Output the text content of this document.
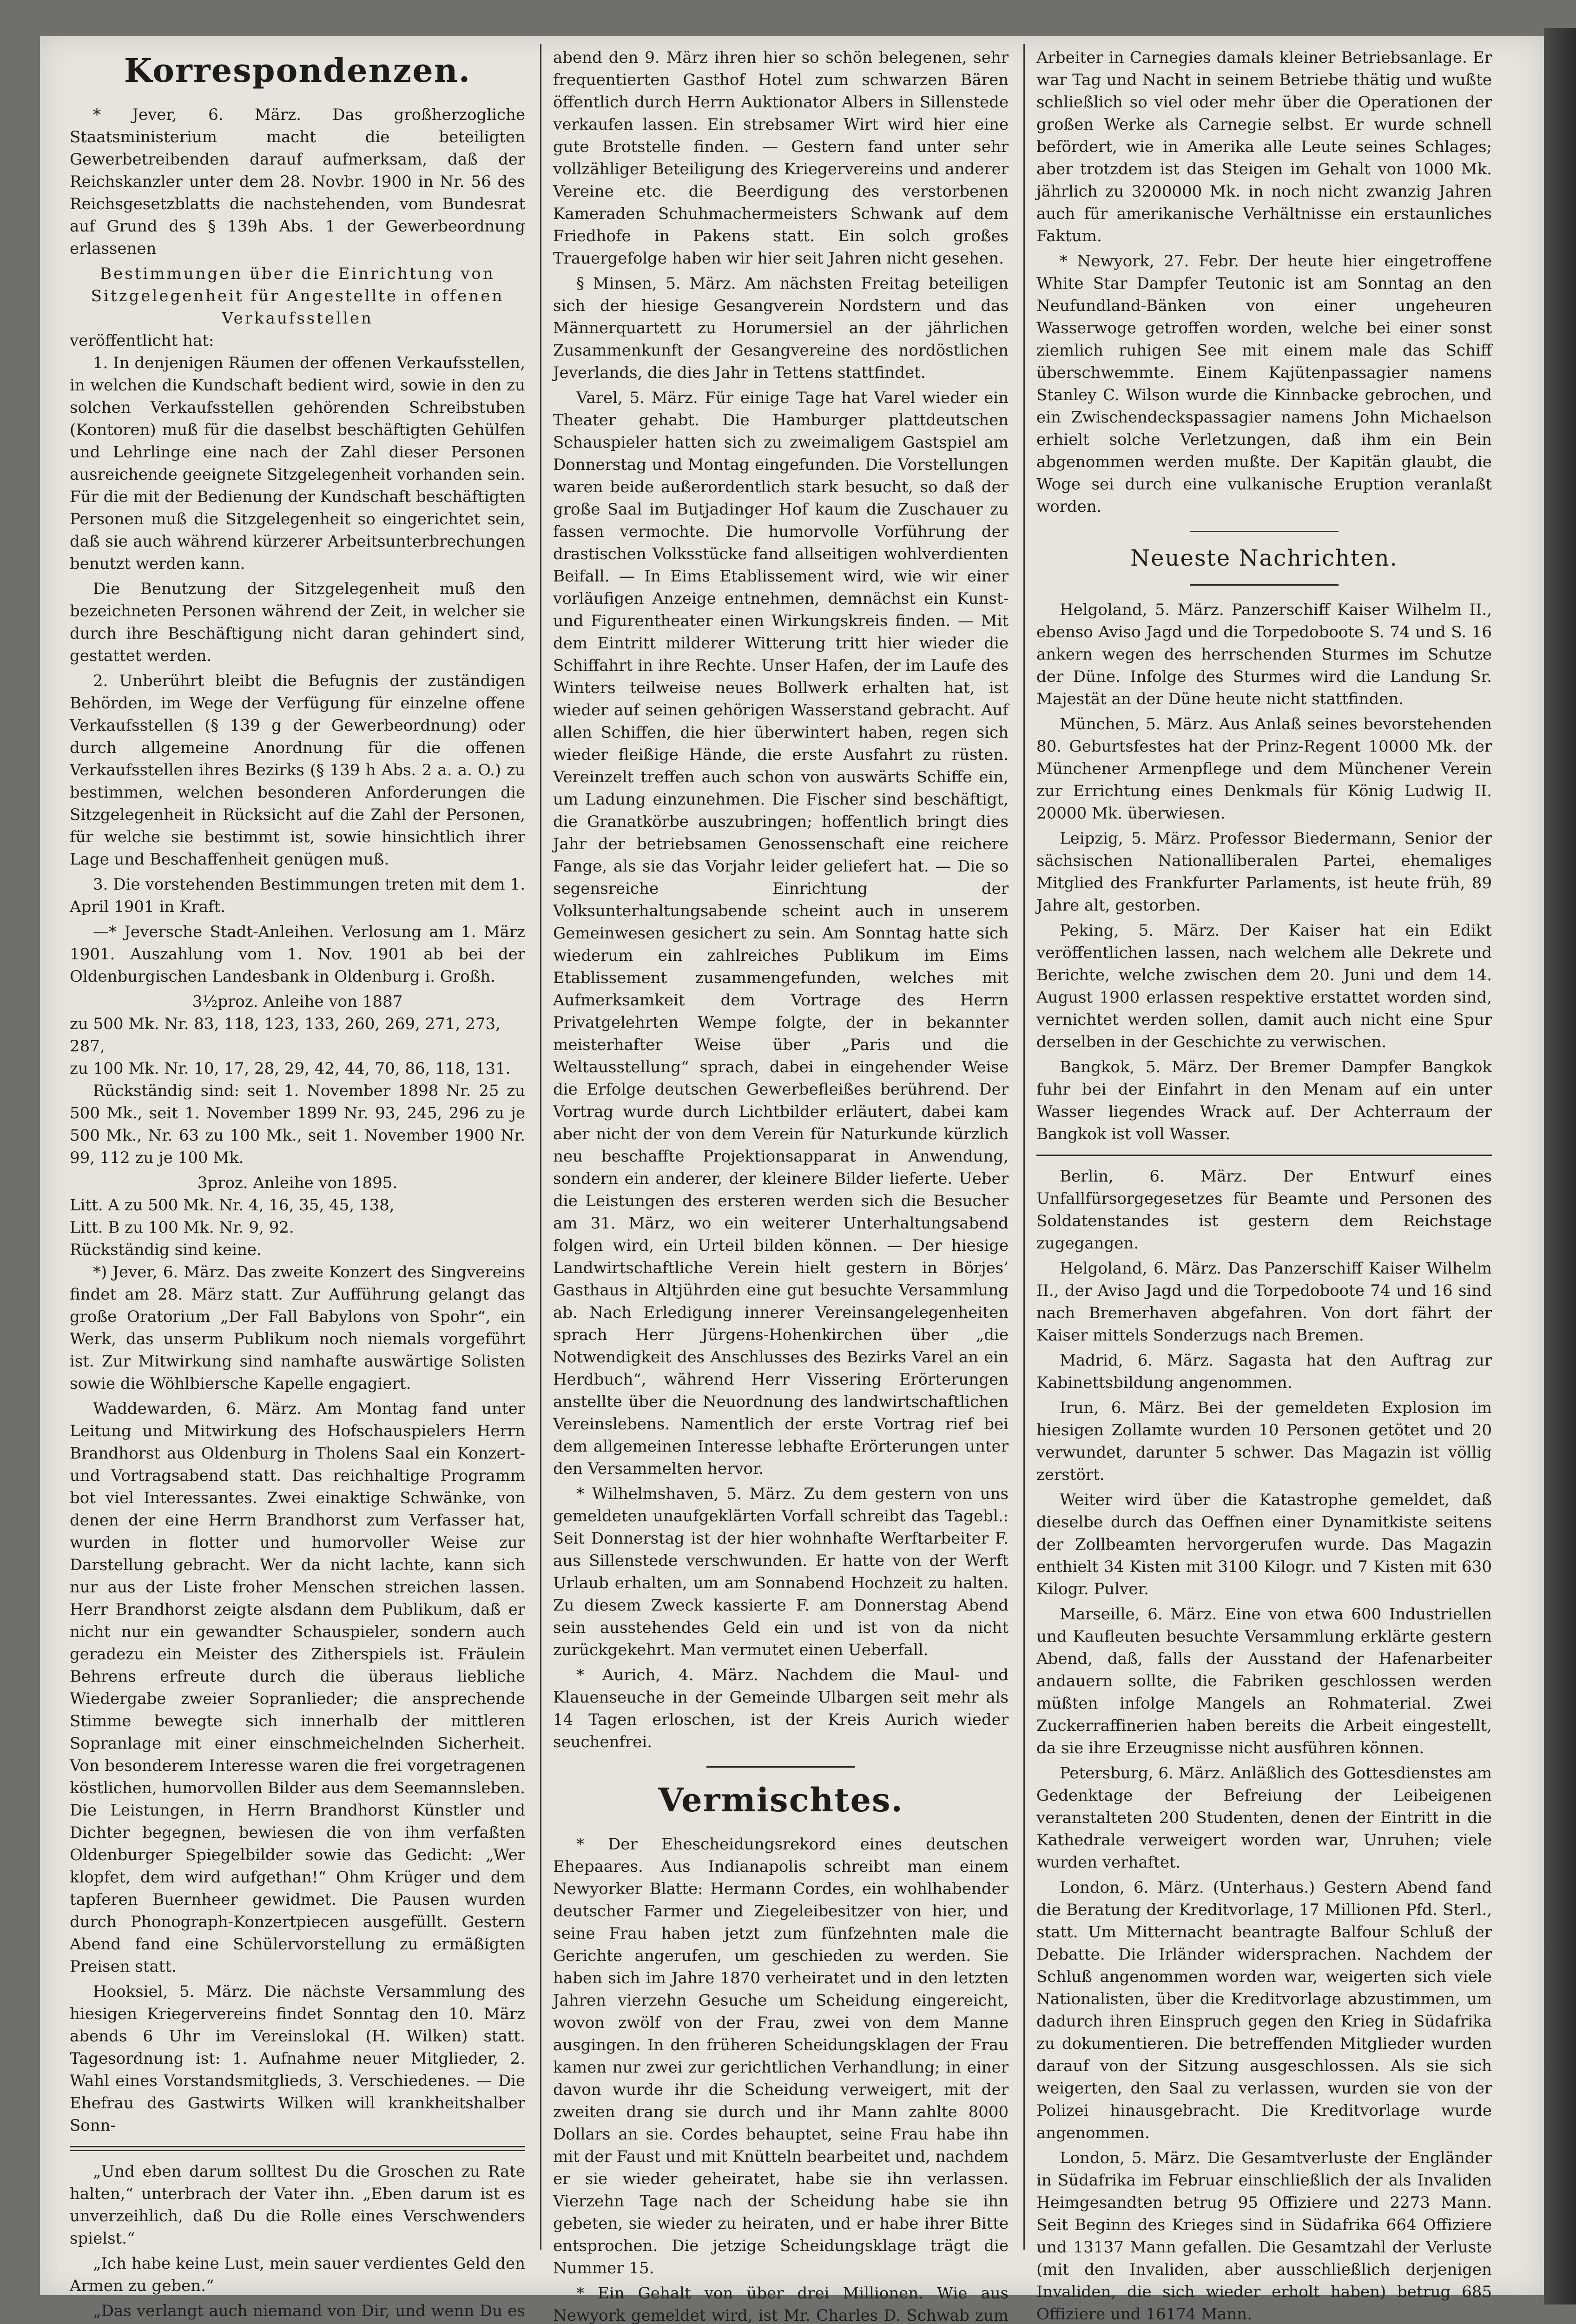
Korrespondenzen.

* Jever, 6. März. Das großherzogliche Staatsministerium macht die beteiligten Gewerbetreibenden darauf aufmerksam, daß der Reichskanzler unter dem 28. Novbr. 1900 in Nr. 56 des Reichsgesetzblatts die nachstehenden, vom Bundesrat auf Grund des § 139h Abs. 1 der Gewerbeordnung erlassenen

Bestimmungen über die Einrichtung von Sitzgelegenheit für Angestellte in offenen Verkaufsstellen

veröffentlicht hat:

1. In denjenigen Räumen der offenen Verkaufsstellen, in welchen die Kundschaft bedient wird, sowie in den zu solchen Verkaufsstellen gehörenden Schreibstuben (Kontoren) muß für die daselbst beschäftigten Gehülfen und Lehrlinge eine nach der Zahl dieser Personen ausreichende geeignete Sitzgelegenheit vorhanden sein. Für die mit der Bedienung der Kundschaft beschäftigten Personen muß die Sitzgelegenheit so eingerichtet sein, daß sie auch während kürzerer Arbeitsunterbrechungen benutzt werden kann.

Die Benutzung der Sitzgelegenheit muß den bezeichneten Personen während der Zeit, in welcher sie durch ihre Beschäftigung nicht daran gehindert sind, gestattet werden.

2. Unberührt bleibt die Befugnis der zuständigen Behörden, im Wege der Verfügung für einzelne offene Verkaufsstellen (§ 139 g der Gewerbeordnung) oder durch allgemeine Anordnung für die offenen Verkaufsstellen ihres Bezirks (§ 139 h Abs. 2 a. a. O.) zu bestimmen, welchen besonderen Anforderungen die Sitzgelegenheit in Rücksicht auf die Zahl der Personen, für welche sie bestimmt ist, sowie hinsichtlich ihrer Lage und Beschaffenheit genügen muß.

3. Die vorstehenden Bestimmungen treten mit dem 1. April 1901 in Kraft.

—* Jeversche Stadt-Anleihen. Verlosung am 1. März 1901. Auszahlung vom 1. Nov. 1901 ab bei der Oldenburgischen Landesbank in Oldenburg i. Großh.

3½proz. Anleihe von 1887

zu 500 Mk. Nr. 83, 118, 123, 133, 260, 269, 271, 273, 287,

zu 100 Mk. Nr. 10, 17, 28, 29, 42, 44, 70, 86, 118, 131.

Rückständig sind: seit 1. November 1898 Nr. 25 zu 500 Mk., seit 1. November 1899 Nr. 93, 245, 296 zu je 500 Mk., Nr. 63 zu 100 Mk., seit 1. November 1900 Nr. 99, 112 zu je 100 Mk.

3proz. Anleihe von 1895.

Litt. A zu 500 Mk. Nr. 4, 16, 35, 45, 138,

Litt. B zu 100 Mk. Nr. 9, 92.

Rückständig sind keine.

*) Jever, 6. März. Das zweite Konzert des Singvereins findet am 28. März statt. Zur Aufführung gelangt das große Oratorium „Der Fall Babylons von Spohr“, ein Werk, das unserm Publikum noch niemals vorgeführt ist. Zur Mitwirkung sind namhafte auswärtige Solisten sowie die Wöhlbiersche Kapelle engagiert.

Waddewarden, 6. März. Am Montag fand unter Leitung und Mitwirkung des Hofschauspielers Herrn Brandhorst aus Oldenburg in Tholens Saal ein Konzert- und Vortragsabend statt. Das reichhaltige Programm bot viel Interessantes. Zwei einaktige Schwänke, von denen der eine Herrn Brandhorst zum Verfasser hat, wurden in flotter und humorvoller Weise zur Darstellung gebracht. Wer da nicht lachte, kann sich nur aus der Liste froher Menschen streichen lassen. Herr Brandhorst zeigte alsdann dem Publikum, daß er nicht nur ein gewandter Schauspieler, sondern auch geradezu ein Meister des Zitherspiels ist. Fräulein Behrens erfreute durch die überaus liebliche Wiedergabe zweier Sopranlieder; die ansprechende Stimme bewegte sich innerhalb der mittleren Sopranlage mit einer einschmeichelnden Sicherheit. Von besonderem Interesse waren die frei vorgetragenen köstlichen, humorvollen Bilder aus dem Seemannsleben. Die Leistungen, in Herrn Brandhorst Künstler und Dichter begegnen, bewiesen die von ihm verfaßten Oldenburger Spiegelbilder sowie das Gedicht: „Wer klopfet, dem wird aufgethan!“ Ohm Krüger und dem tapferen Buernheer gewidmet. Die Pausen wurden durch Phonograph-Konzertpiecen ausgefüllt. Gestern Abend fand eine Schülervorstellung zu ermäßigten Preisen statt.

Hooksiel, 5. März. Die nächste Versammlung des hiesigen Kriegervereins findet Sonntag den 10. März abends 6 Uhr im Vereinslokal (H. Wilken) statt. Tagesordnung ist: 1. Aufnahme neuer Mitglieder, 2. Wahl eines Vorstandsmitglieds, 3. Verschiedenes. — Die Ehefrau des Gastwirts Wilken will krankheitshalber Sonn-

„Und eben darum solltest Du die Groschen zu Rate halten,“ unterbrach der Vater ihn. „Eben darum ist es unverzeihlich, daß Du die Rolle eines Verschwenders spielst.“

„Ich habe keine Lust, mein sauer verdientes Geld den Armen zu geben.“

„Das verlangt auch niemand von Dir, und wenn Du es

abend den 9. März ihren hier so schön belegenen, sehr frequentierten Gasthof Hotel zum schwarzen Bären öffentlich durch Herrn Auktionator Albers in Sillenstede verkaufen lassen. Ein strebsamer Wirt wird hier eine gute Brotstelle finden. — Gestern fand unter sehr vollzähliger Beteiligung des Kriegervereins und anderer Vereine etc. die Beerdigung des verstorbenen Kameraden Schuhmachermeisters Schwank auf dem Friedhofe in Pakens statt. Ein solch großes Trauergefolge haben wir hier seit Jahren nicht gesehen.

§ Minsen, 5. März. Am nächsten Freitag beteiligen sich der hiesige Gesangverein Nordstern und das Männerquartett zu Horumersiel an der jährlichen Zusammenkunft der Gesangvereine des nordöstlichen Jeverlands, die dies Jahr in Tettens stattfindet.

Varel, 5. März. Für einige Tage hat Varel wieder ein Theater gehabt. Die Hamburger plattdeutschen Schauspieler hatten sich zu zweimaligem Gastspiel am Donnerstag und Montag eingefunden. Die Vorstellungen waren beide außerordentlich stark besucht, so daß der große Saal im Butjadinger Hof kaum die Zuschauer zu fassen vermochte. Die humorvolle Vorführung der drastischen Volksstücke fand allseitigen wohlverdienten Beifall. — In Eims Etablissement wird, wie wir einer vorläufigen Anzeige entnehmen, demnächst ein Kunst- und Figurentheater einen Wirkungskreis finden. — Mit dem Eintritt milderer Witterung tritt hier wieder die Schiffahrt in ihre Rechte. Unser Hafen, der im Laufe des Winters teilweise neues Bollwerk erhalten hat, ist wieder auf seinen gehörigen Wasserstand gebracht. Auf allen Schiffen, die hier überwintert haben, regen sich wieder fleißige Hände, die erste Ausfahrt zu rüsten. Vereinzelt treffen auch schon von auswärts Schiffe ein, um Ladung einzunehmen. Die Fischer sind beschäftigt, die Granatkörbe auszubringen; hoffentlich bringt dies Jahr der betriebsamen Genossenschaft eine reichere Fange, als sie das Vorjahr leider geliefert hat. — Die so segensreiche Einrichtung der Volksunterhaltungsabende scheint auch in unserem Gemeinwesen gesichert zu sein. Am Sonntag hatte sich wiederum ein zahlreiches Publikum im Eims Etablissement zusammengefunden, welches mit Aufmerksamkeit dem Vortrage des Herrn Privatgelehrten Wempe folgte, der in bekannter meisterhafter Weise über „Paris und die Weltausstellung“ sprach, dabei in eingehender Weise die Erfolge deutschen Gewerbefleißes berührend. Der Vortrag wurde durch Lichtbilder erläutert, dabei kam aber nicht der von dem Verein für Naturkunde kürzlich neu beschaffte Projektionsapparat in Anwendung, sondern ein anderer, der kleinere Bilder lieferte. Ueber die Leistungen des ersteren werden sich die Besucher am 31. März, wo ein weiterer Unterhaltungsabend folgen wird, ein Urteil bilden können. — Der hiesige Landwirtschaftliche Verein hielt gestern in Börjes’ Gasthaus in Altjührden eine gut besuchte Versammlung ab. Nach Erledigung innerer Vereinsangelegenheiten sprach Herr Jürgens-Hohenkirchen über „die Notwendigkeit des Anschlusses des Bezirks Varel an ein Herdbuch“, während Herr Vissering Erörterungen anstellte über die Neuordnung des landwirtschaftlichen Vereinslebens. Namentlich der erste Vortrag rief bei dem allgemeinen Interesse lebhafte Erörterungen unter den Versammelten hervor.

* Wilhelmshaven, 5. März. Zu dem gestern von uns gemeldeten unaufgeklärten Vorfall schreibt das Tagebl.: Seit Donnerstag ist der hier wohnhafte Werftarbeiter F. aus Sillenstede verschwunden. Er hatte von der Werft Urlaub erhalten, um am Sonnabend Hochzeit zu halten. Zu diesem Zweck kassierte F. am Donnerstag Abend sein ausstehendes Geld ein und ist von da nicht zurückgekehrt. Man vermutet einen Ueberfall.

* Aurich, 4. März. Nachdem die Maul- und Klauenseuche in der Gemeinde Ulbargen seit mehr als 14 Tagen erloschen, ist der Kreis Aurich wieder seuchenfrei.

Vermischtes.

* Der Ehescheidungsrekord eines deutschen Ehepaares. Aus Indianapolis schreibt man einem Newyorker Blatte: Hermann Cordes, ein wohlhabender deutscher Farmer und Ziegeleibesitzer von hier, und seine Frau haben jetzt zum fünfzehnten male die Gerichte angerufen, um geschieden zu werden. Sie haben sich im Jahre 1870 verheiratet und in den letzten Jahren vierzehn Gesuche um Scheidung eingereicht, wovon zwölf von der Frau, zwei von dem Manne ausgingen. In den früheren Scheidungsklagen der Frau kamen nur zwei zur gerichtlichen Verhandlung; in einer davon wurde ihr die Scheidung verweigert, mit der zweiten drang sie durch und ihr Mann zahlte 8000 Dollars an sie. Cordes behauptet, seine Frau habe ihn mit der Faust und mit Knütteln bearbeitet und, nachdem er sie wieder geheiratet, habe sie ihn verlassen. Vierzehn Tage nach der Scheidung habe sie ihn gebeten, sie wieder zu heiraten, und er habe ihrer Bitte entsprochen. Die jetzige Scheidungsklage trägt die Nummer 15.

* Ein Gehalt von über drei Millionen. Wie aus Newyork gemeldet wird, ist Mr. Charles D. Schwab zum

Arbeiter in Carnegies damals kleiner Betriebsanlage. Er war Tag und Nacht in seinem Betriebe thätig und wußte schließlich so viel oder mehr über die Operationen der großen Werke als Carnegie selbst. Er wurde schnell befördert, wie in Amerika alle Leute seines Schlages; aber trotzdem ist das Steigen im Gehalt von 1000 Mk. jährlich zu 3200000 Mk. in noch nicht zwanzig Jahren auch für amerikanische Verhältnisse ein erstaunliches Faktum.

* Newyork, 27. Febr. Der heute hier eingetroffene White Star Dampfer Teutonic ist am Sonntag an den Neufundland-Bänken von einer ungeheuren Wasserwoge getroffen worden, welche bei einer sonst ziemlich ruhigen See mit einem male das Schiff überschwemmte. Einem Kajütenpassagier namens Stanley C. Wilson wurde die Kinnbacke gebrochen, und ein Zwischendeckspassagier namens John Michaelson erhielt solche Verletzungen, daß ihm ein Bein abgenommen werden mußte. Der Kapitän glaubt, die Woge sei durch eine vulkanische Eruption veranlaßt worden.

Neueste Nachrichten.

Helgoland, 5. März. Panzerschiff Kaiser Wilhelm II., ebenso Aviso Jagd und die Torpedoboote S. 74 und S. 16 ankern wegen des herrschenden Sturmes im Schutze der Düne. Infolge des Sturmes wird die Landung Sr. Majestät an der Düne heute nicht stattfinden.

München, 5. März. Aus Anlaß seines bevorstehenden 80. Geburtsfestes hat der Prinz-Regent 10000 Mk. der Münchener Armenpflege und dem Münchener Verein zur Errichtung eines Denkmals für König Ludwig II. 20000 Mk. überwiesen.

Leipzig, 5. März. Professor Biedermann, Senior der sächsischen Nationalliberalen Partei, ehemaliges Mitglied des Frankfurter Parlaments, ist heute früh, 89 Jahre alt, gestorben.

Peking, 5. März. Der Kaiser hat ein Edikt veröffentlichen lassen, nach welchem alle Dekrete und Berichte, welche zwischen dem 20. Juni und dem 14. August 1900 erlassen respektive erstattet worden sind, vernichtet werden sollen, damit auch nicht eine Spur derselben in der Geschichte zu verwischen.

Bangkok, 5. März. Der Bremer Dampfer Bangkok fuhr bei der Einfahrt in den Menam auf ein unter Wasser liegendes Wrack auf. Der Achterraum der Bangkok ist voll Wasser.

Berlin, 6. März. Der Entwurf eines Unfallfürsorgegesetzes für Beamte und Personen des Soldatenstandes ist gestern dem Reichstage zugegangen.

Helgoland, 6. März. Das Panzerschiff Kaiser Wilhelm II., der Aviso Jagd und die Torpedoboote 74 und 16 sind nach Bremerhaven abgefahren. Von dort fährt der Kaiser mittels Sonderzugs nach Bremen.

Madrid, 6. März. Sagasta hat den Auftrag zur Kabinettsbildung angenommen.

Irun, 6. März. Bei der gemeldeten Explosion im hiesigen Zollamte wurden 10 Personen getötet und 20 verwundet, darunter 5 schwer. Das Magazin ist völlig zerstört.

Weiter wird über die Katastrophe gemeldet, daß dieselbe durch das Oeffnen einer Dynamitkiste seitens der Zollbeamten hervorgerufen wurde. Das Magazin enthielt 34 Kisten mit 3100 Kilogr. und 7 Kisten mit 630 Kilogr. Pulver.

Marseille, 6. März. Eine von etwa 600 Industriellen und Kaufleuten besuchte Versammlung erklärte gestern Abend, daß, falls der Ausstand der Hafenarbeiter andauern sollte, die Fabriken geschlossen werden müßten infolge Mangels an Rohmaterial. Zwei Zuckerraffinerien haben bereits die Arbeit eingestellt, da sie ihre Erzeugnisse nicht ausführen können.

Petersburg, 6. März. Anläßlich des Gottesdienstes am Gedenktage der Befreiung der Leibeigenen veranstalteten 200 Studenten, denen der Eintritt in die Kathedrale verweigert worden war, Unruhen; viele wurden verhaftet.

London, 6. März. (Unterhaus.) Gestern Abend fand die Beratung der Kreditvorlage, 17 Millionen Pfd. Sterl., statt. Um Mitternacht beantragte Balfour Schluß der Debatte. Die Irländer widersprachen. Nachdem der Schluß angenommen worden war, weigerten sich viele Nationalisten, über die Kreditvorlage abzustimmen, um dadurch ihren Einspruch gegen den Krieg in Südafrika zu dokumentieren. Die betreffenden Mitglieder wurden darauf von der Sitzung ausgeschlossen. Als sie sich weigerten, den Saal zu verlassen, wurden sie von der Polizei hinausgebracht. Die Kreditvorlage wurde angenommen.

London, 5. März. Die Gesamtverluste der Engländer in Südafrika im Februar einschließlich der als Invaliden Heimgesandten betrug 95 Offiziere und 2273 Mann. Seit Beginn des Krieges sind in Südafrika 664 Offiziere und 13137 Mann gefallen. Die Gesamtzahl der Verluste (mit den Invaliden, aber ausschließlich derjenigen Invaliden, die sich wieder erholt haben) betrug 685 Offiziere und 16174 Mann.
